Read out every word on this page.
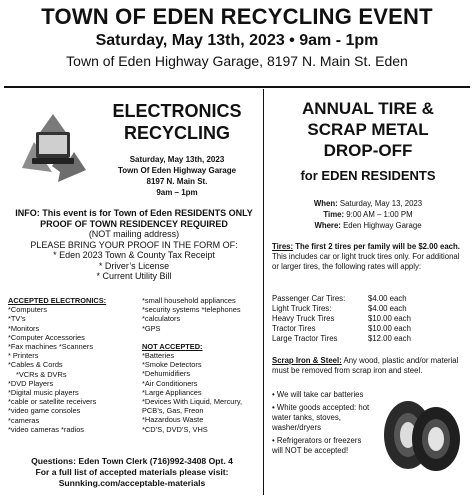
TOWN OF EDEN RECYCLING EVENT
Saturday, May 13th, 2023 • 9am - 1pm
Town of Eden Highway Garage, 8197 N. Main St. Eden
ELECTRONICS
RECYCLING
Saturday, May 13th, 2023
Town Of Eden Highway Garage
8197 N. Main St.
9am – 1pm
INFO: This event is for Town of Eden RESIDENTS ONLY
PROOF OF TOWN RESIDENCEY REQUIRED
(NOT mailing address)
PLEASE BRING YOUR PROOF IN THE FORM OF:
* Eden 2023 Town & County Tax Receipt
* Driver’s License
* Current Utility Bill
ACCEPTED ELECTRONICS:
*Computers
*TV’s
*Monitors
*Computer Accessories
*Fax machines *Scanners
* Printers
*Cables & Cords
*VCRs & DVRs
*DVD Players
*Digital music players
*cable or satellite receivers
*video game consoles
*cameras
*video cameras *radios
*small household appliances
*security systems *telephones
*calculators
*GPS
NOT ACCEPTED:
*Batteries
*Smoke Detectors
*Dehumidifiers
*Air Conditioners
*Large Appliances
*Devices With Liquid, Mercury,
PCB’s, Gas, Freon
*Hazardous Waste
*CD’S, DVD’S, VHS
Questions: Eden Town Clerk (716)992-3408 Opt. 4
For a full list of accepted materials please visit:
Sunnking.com/acceptable-materials
ANNUAL TIRE &
SCRAP METAL
DROP-OFF
for EDEN RESIDENTS
When: Saturday, May 13, 2023
Time: 9:00 AM – 1:00 PM
Where: Eden Highway Garage
Tires: The first 2 tires per family will be $2.00 each.
This includes car or light truck tires only. For additional or larger tires, the following rates will apply:
Passenger Car Tires:	$4.00 each
Light Truck Tires:	$4.00 each
Heavy Truck Tires	$10.00 each
Tractor Tires	$10.00 each
Large Tractor Tires	$12.00 each
Scrap Iron & Steel: Any wood, plastic and/or material must be removed from scrap iron and steel.
• We will take car batteries
• White goods accepted: hot water tanks, stoves, washer/dryers
• Refrigerators or freezers will NOT be accepted!
